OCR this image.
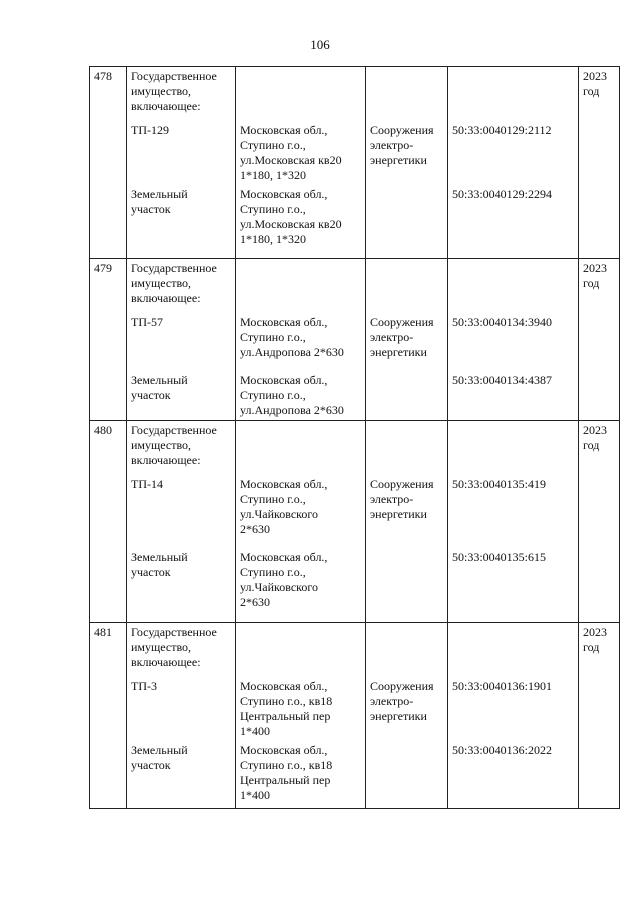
106
478	Государственное
имущество,
включающее:				2023
год

	ТП-129	Московская обл.,
Ступино г.о.,
ул.Московская кв20
1*180, 1*320	Сооружения
электро-
энергетики	50:33:0040129:2112	

	Земельный
участок	Московская обл.,
Ступино г.о.,
ул.Московская кв20
1*180, 1*320		50:33:0040129:2294	

479	Государственное
имущество,
включающее:				2023
год

	ТП-57	Московская обл.,
Ступино г.о.,
ул.Андропова 2*630	Сооружения
электро-
энергетики	50:33:0040134:3940	

	Земельный
участок	Московская обл.,
Ступино г.о.,
ул.Андропова 2*630		50:33:0040134:4387	

480	Государственное
имущество,
включающее:				2023
год

	ТП-14	Московская обл.,
Ступино г.о.,
ул.Чайковского
2*630	Сооружения
электро-
энергетики	50:33:0040135:419	

	Земельный
участок	Московская обл.,
Ступино г.о.,
ул.Чайковского
2*630		50:33:0040135:615	

481	Государственное
имущество,
включающее:				2023
год

	ТП-3	Московская обл.,
Ступино г.о., кв18
Центральный пер
1*400	Сооружения
электро-
энергетики	50:33:0040136:1901	

	Земельный
участок	Московская обл.,
Ступино г.о., кв18
Центральный пер
1*400		50:33:0040136:2022	
